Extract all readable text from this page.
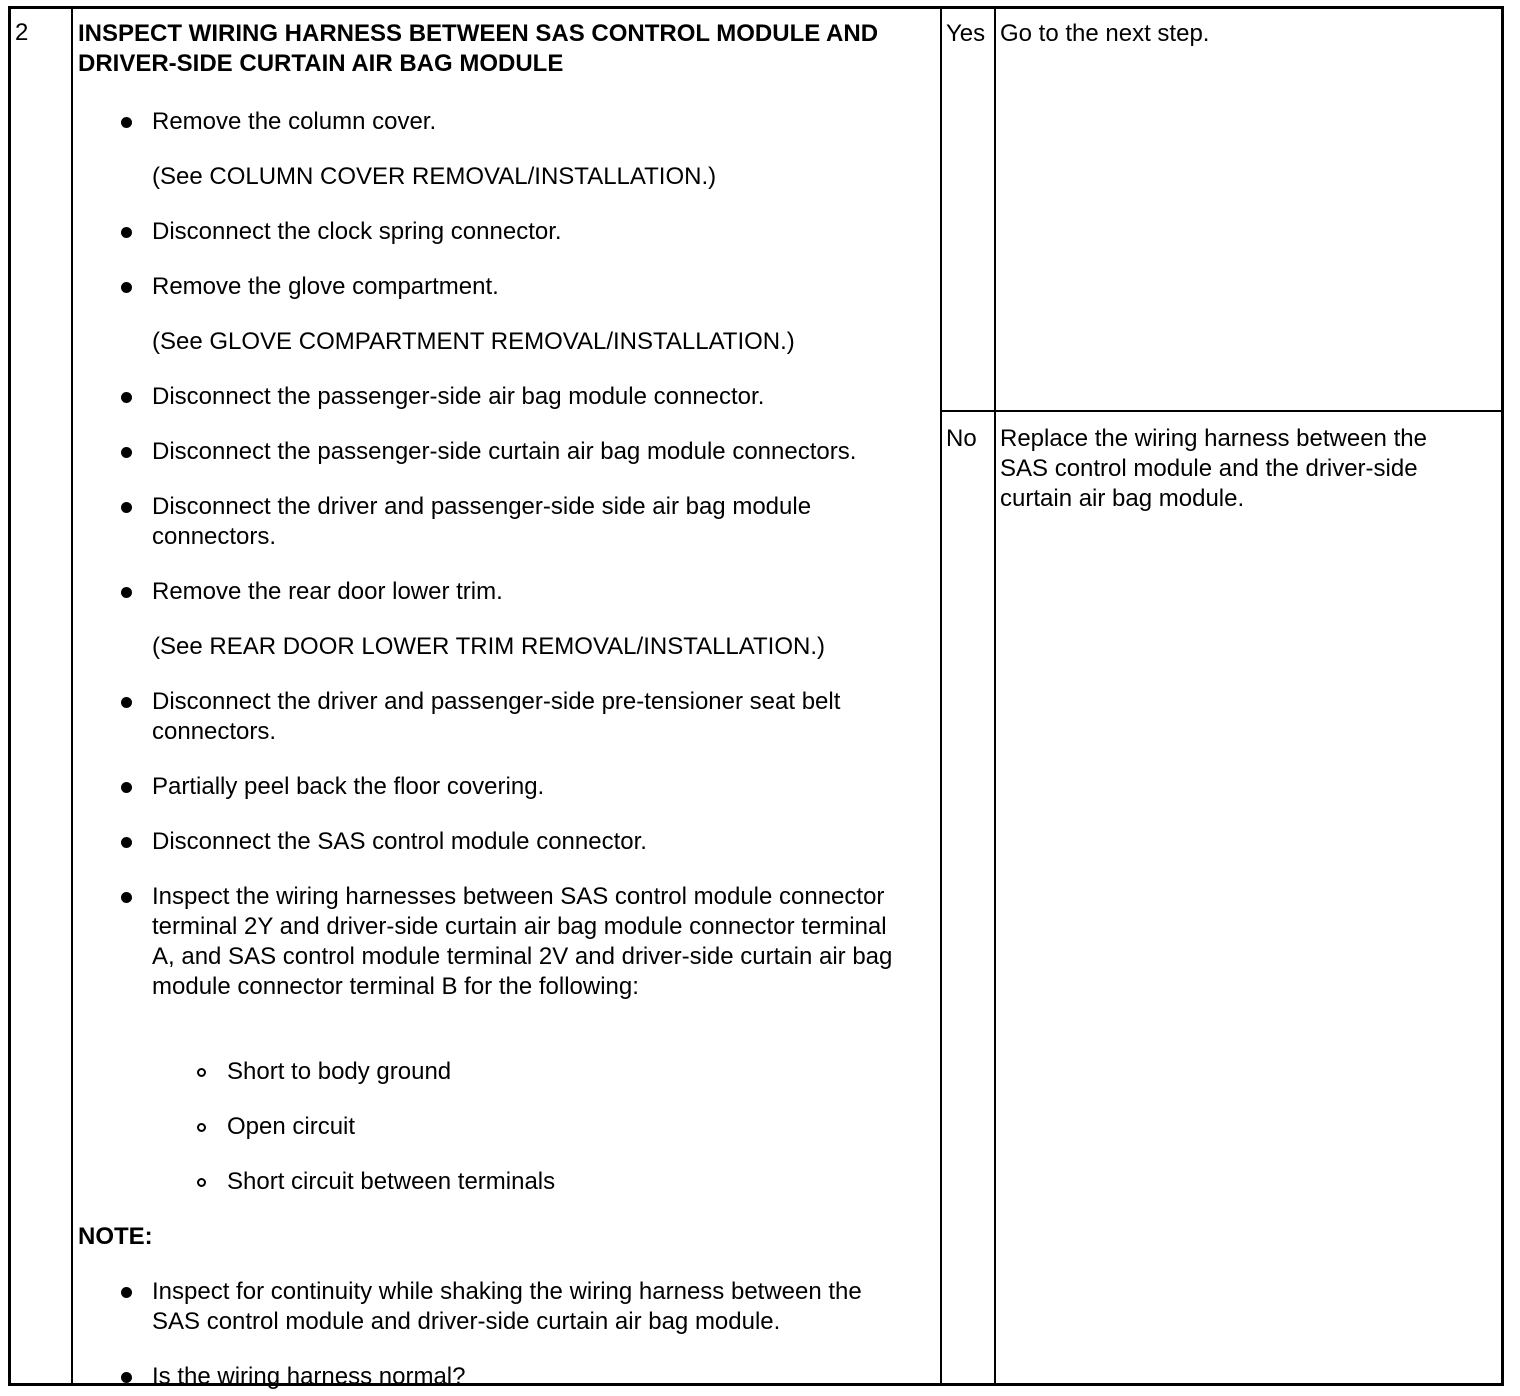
2 INSPECT WIRING HARNESS BETWEEN SAS CONTROL MODULE AND DRIVER-SIDE CURTAIN AIR BAG MODULE

Remove the column cover.
(See COLUMN COVER REMOVAL/INSTALLATION.)
Disconnect the clock spring connector.
Remove the glove compartment.
(See GLOVE COMPARTMENT REMOVAL/INSTALLATION.)
Disconnect the passenger-side air bag module connector.
Disconnect the passenger-side curtain air bag module connectors.
Disconnect the driver and passenger-side side air bag module connectors.
Remove the rear door lower trim.
(See REAR DOOR LOWER TRIM REMOVAL/INSTALLATION.)
Disconnect the driver and passenger-side pre-tensioner seat belt connectors.
Partially peel back the floor covering.
Disconnect the SAS control module connector.
Inspect the wiring harnesses between SAS control module connector terminal 2Y and driver-side curtain air bag module connector terminal A, and SAS control module terminal 2V and driver-side curtain air bag module connector terminal B for the following:
Short to body ground
Open circuit
Short circuit between terminals
NOTE:
Inspect for continuity while shaking the wiring harness between the SAS control module and driver-side curtain air bag module.
Is the wiring harness normal?
Yes Go to the next step.
No Replace the wiring harness between the SAS control module and the driver-side curtain air bag module.
